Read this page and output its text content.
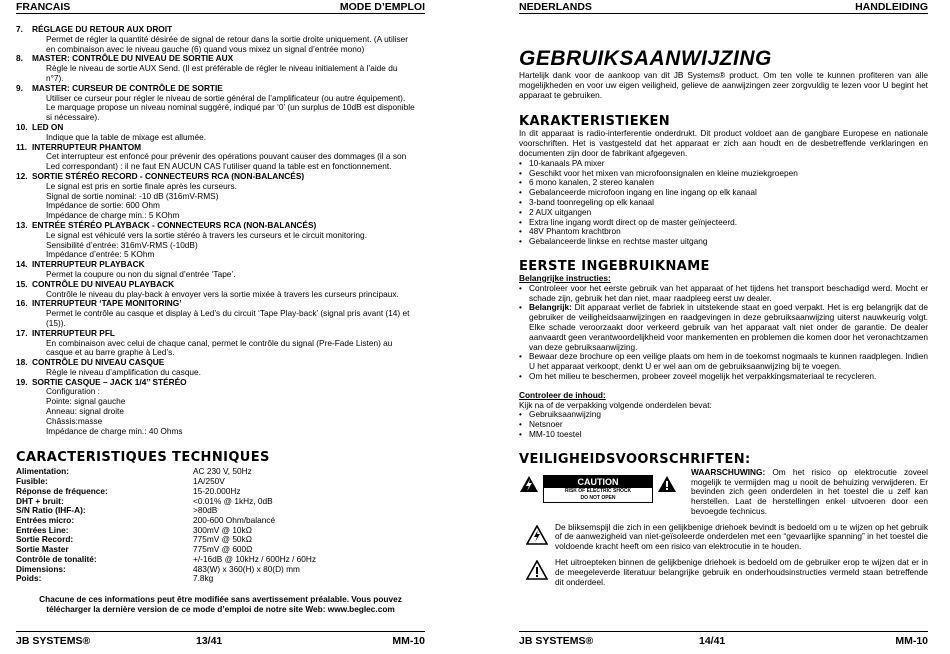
FRANCAIS	MODE D’EMPLOI
7.	RÉGLAGE DU RETOUR AUX DROIT
Permet de régler la quantité désirée de signal de retour dans la sortie droite uniquement. (A utiliser
en combinaison avec le niveau gauche (6) quand vous mixez un signal d’entrée mono)
8.	MASTER: CONTRÔLE DU NIVEAU DE SORTIE AUX
Règle le niveau de sortie AUX Send. (Il est préférable de régler le niveau initialement à l’aide du
n°7).
9.	MASTER: CURSEUR DE CONTRÔLE DE SORTIE
Utiliser ce curseur pour régler le niveau de sortie général de l’amplificateur (ou autre équipement).
Le marquage propose un niveau nominal suggéré, indiqué par ‘0’ (un surplus de 10dB est disponible
si nécessaire).
10. LED ON
Indique que la table de mixage est allumée.
11. INTERRUPTEUR PHANTOM
Cet interrupteur est enfoncé pour prévenir des opérations pouvant causer des dommages (il a son
Led correspondant) : il ne faut EN AUCUN CAS l’utiliser quand la table est en fonctionnement.
12. SORTIE STÉRÉO RECORD - CONNECTEURS RCA (NON-BALANCÉS)
Le signal est pris en sortie finale après les curseurs.
Signal de sortie nominal: -10 dB (316mV-RMS)
Impédance de sortie: 600 Ohm
Impédance de charge min.: 5 KOhm
13. ENTRÉE STÉRÉO PLAYBACK - CONNECTEURS RCA (NON-BALANCÉS)
Le signal est véhiculé vers la sortie stéréo à travers les curseurs et le circuit monitoring.
Sensibilité d’entrée: 316mV-RMS (-10dB)
Impédance d’entrée: 5 KOhm
14. INTERRUPTEUR PLAYBACK
Permet la coupure ou non du signal d’entrée ‘Tape’.
15. CONTRÔLE DU NIVEAU PLAYBACK
Contrôle le niveau du play-back à envoyer vers la sortie mixée à travers les curseurs principaux.
16. INTERRUPTEUR ‘TAPE MONITORING’
Permet le contrôle au casque et display à Led’s du circuit ‘Tape Play-back’ (signal pris avant (14) et
(15)).
17. INTERRUPTEUR PFL
En combinaison avec celui de chaque canal, permet le contrôle du signal (Pre-Fade Listen) au
casque et au barre graphe à Led’s.
18. CONTRÔLE DU NIVEAU CASQUE
Règle le niveau d’amplification du casque.
19. SORTIE CASQUE – JACK 1/4’’ STÉRÉO
Configuration :
Pointe: signal gauche
Anneau: signal droite
Châssis:masse
Impédance de charge min.: 40 Ohms
CARACTERISTIQUES TECHNIQUES
Alimentation:	AC 230 V, 50Hz
Fusible:	1A/250V
Réponse de fréquence:	15-20.000Hz
DHT + bruit:	<0.01% @ 1kHz, 0dB
S/N Ratio (IHF-A):	>80dB
Entrées micro:	200-600 Ohm/balancé
Entrées Line:	300mV @ 10kΩ
Sortie Record:	775mV @ 50kΩ
Sortie Master	775mV @ 600Ω
Contrôle de tonalité:	+/-16dB @ 10kHz / 600Hz / 60Hz
Dimensions:	483(W) x 360(H) x 80(D) mm
Poids:	7.8kg
Chacune de ces informations peut être modifiée sans avertissement préalable. Vous pouvez
télécharger la dernière version de ce mode d’emploi de notre site Web: www.beglec.com
JB SYSTEMS®	13/41	MM-10
NEDERLANDS	HANDLEIDING
GEBRUIKSAANWIJZING
Hartelijk dank voor de aankoop van dit JB Systems® product. Om ten volle te kunnen profiteren van alle mogelijkheden en voor uw eigen veiligheid, gelieve de aanwijzingen zeer zorgvuldig te lezen voor U begint het apparaat te gebruiken.
KARAKTERISTIEKEN
In dit apparaat is radio-interferentie onderdrukt. Dit product voldoet aan de gangbare Europese en nationale voorschriften. Het is vastgesteld dat het apparaat er zich aan houdt en de desbetreffende verklaringen en documenten zijn door de fabrikant afgegeven.
• 10-kanaals PA mixer
• Geschikt voor het mixen van microfoonsignalen en kleine muziekgroepen
• 6 mono kanalen, 2 stereo kanalen
• Gebalanceerde microfoon ingang en line ingang op elk kanaal
• 3-band toonregeling op elk kanaal
• 2 AUX uitgangen
• Extra line ingang wordt direct op de master geïnjecteerd.
• 48V Phantom krachtbron
• Gebalanceerde linkse en rechtse master uitgang
EERSTE INGEBRUIKNAME
Belangrijke instructies:
• Controleer voor het eerste gebruik van het apparaat of het tijdens het transport beschadigd werd. Mocht er schade zijn, gebruik het dan niet, maar raadpleeg eerst uw dealer.
• Belangrijk: Dit apparaat verliet de fabriek in uitstekende staat en goed verpakt. Het is erg belangrijk dat de gebruiker de veiligheidsaanwijzingen en raadgevingen in deze gebruiksaanwijzing uiterst nauwkeurig volgt. Elke schade veroorzaakt door verkeerd gebruik van het apparaat valt niet onder de garantie. De dealer aanvaardt geen verantwoordelijkheid voor mankementen en problemen die komen door het veronachtzamen van deze gebruiksaanwijzing.
• Bewaar deze brochure op een veilige plaats om hem in de toekomst nogmaals te kunnen raadplegen. Indien U het apparaat verkoopt, denkt U er wel aan om de gebruiksaanwijzing bij te voegen.
• Om het milieu te beschermen, probeer zoveel mogelijk het verpakkingsmateriaal te recycleren.
Controleer de inhoud:
Kijk na of de verpakking volgende onderdelen bevat:
• Gebruiksaanwijzing
• Netsnoer
• MM-10 toestel
VEILIGHEIDSVOORSCHRIFTEN:
CAUTION
RISK OF ELECTRIC SHOCK
DO NOT OPEN
WAARSCHUWING: Om het risico op elektrocutie zoveel mogelijk te vermijden mag u nooit de behuizing verwijderen. Er bevinden zich geen onderdelen in het toestel die u zelf kan herstellen. Laat de herstellingen enkel uitvoeren door een bevoegde technicus.
De bliksemspijl die zich in een gelijkbenige driehoek bevindt is bedoeld om u te wijzen op het gebruik of de aanwezigheid van niet-geïsoleerde onderdelen met een “gevaarlijke spanning” in het toestel die voldoende kracht heeft om een risico van elektrocutie in te houden.
Het uitroepteken binnen de gelijkbenige driehoek is bedoeld om de gebruiker erop te wijzen dat er in de meegeleverde literatuur belangrijke gebruik en onderhoudsinstructies vermeld staan betreffende dit onderdeel.
JB SYSTEMS®	14/41	MM-10
